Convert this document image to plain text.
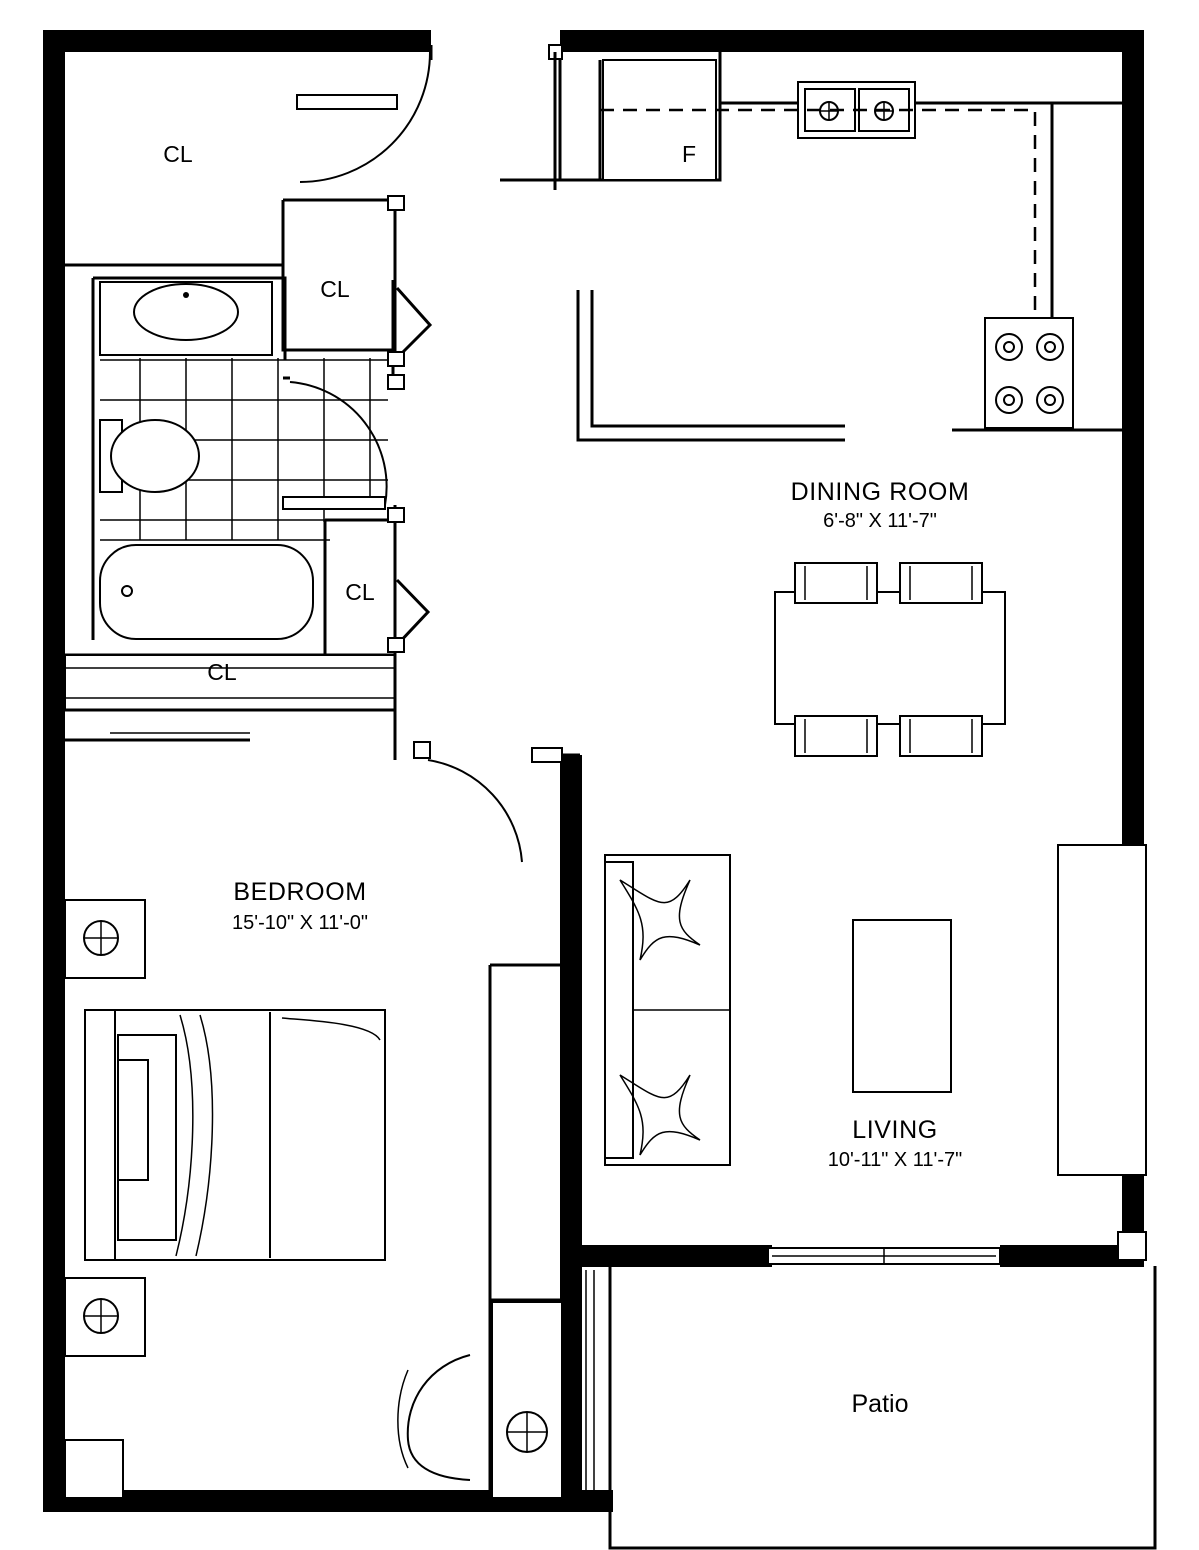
F
CL
CL
CL
CL
DINING ROOM
6'-8" X 11'-7"
BEDROOM
15'-10" X 11'-0"
LIVING
10'-11" X 11'-7"
Patio
